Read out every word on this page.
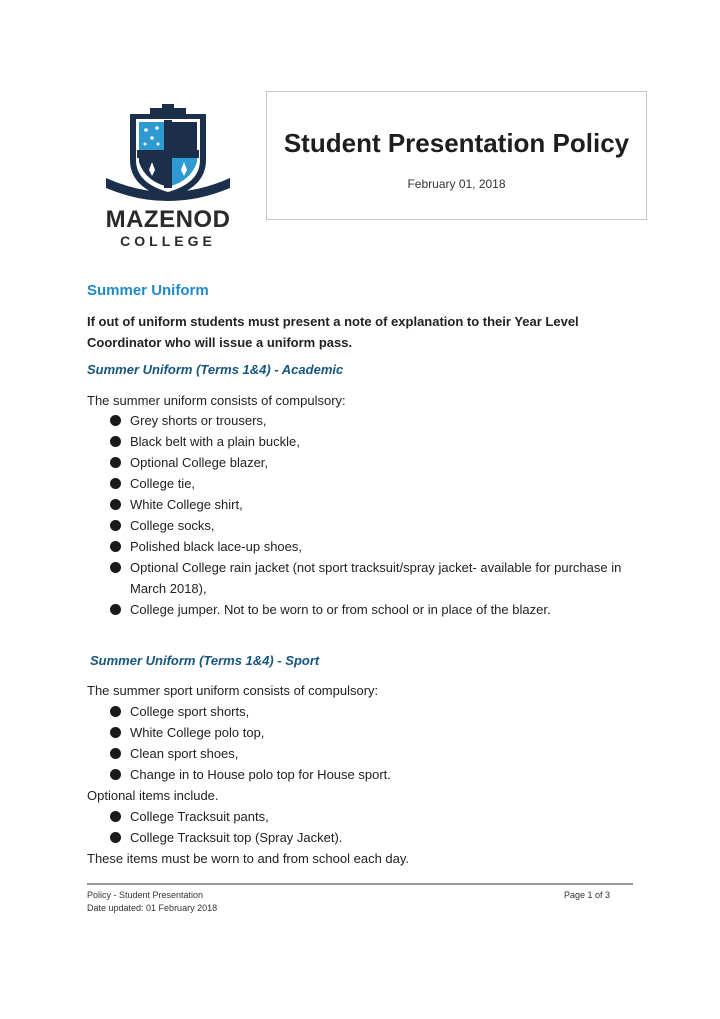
MAZENOD
COLLEGE
Student Presentation Policy
February 01, 2018
Summer Uniform
If out of uniform students must present a note of explanation to their Year Level Coordinator who will issue a uniform pass.
Summer Uniform (Terms 1&4) - Academic
The summer uniform consists of compulsory:
Grey shorts or trousers,
Black belt with a plain buckle,
Optional College blazer,
College tie,
White College shirt,
College socks,
Polished black lace-up shoes,
Optional College rain jacket (not sport tracksuit/spray jacket- available for purchase in March 2018),
College jumper. Not to be worn to or from school or in place of the blazer.
Summer Uniform (Terms 1&4) - Sport
The summer sport uniform consists of compulsory:
College sport shorts,
White College polo top,
Clean sport shoes,
Change in to House polo top for House sport.
Optional items include.
College Tracksuit pants,
College Tracksuit top (Spray Jacket).
These items must be worn to and from school each day.
Policy - Student Presentation
Date updated: 01 February 2018
Page 1 of 3
